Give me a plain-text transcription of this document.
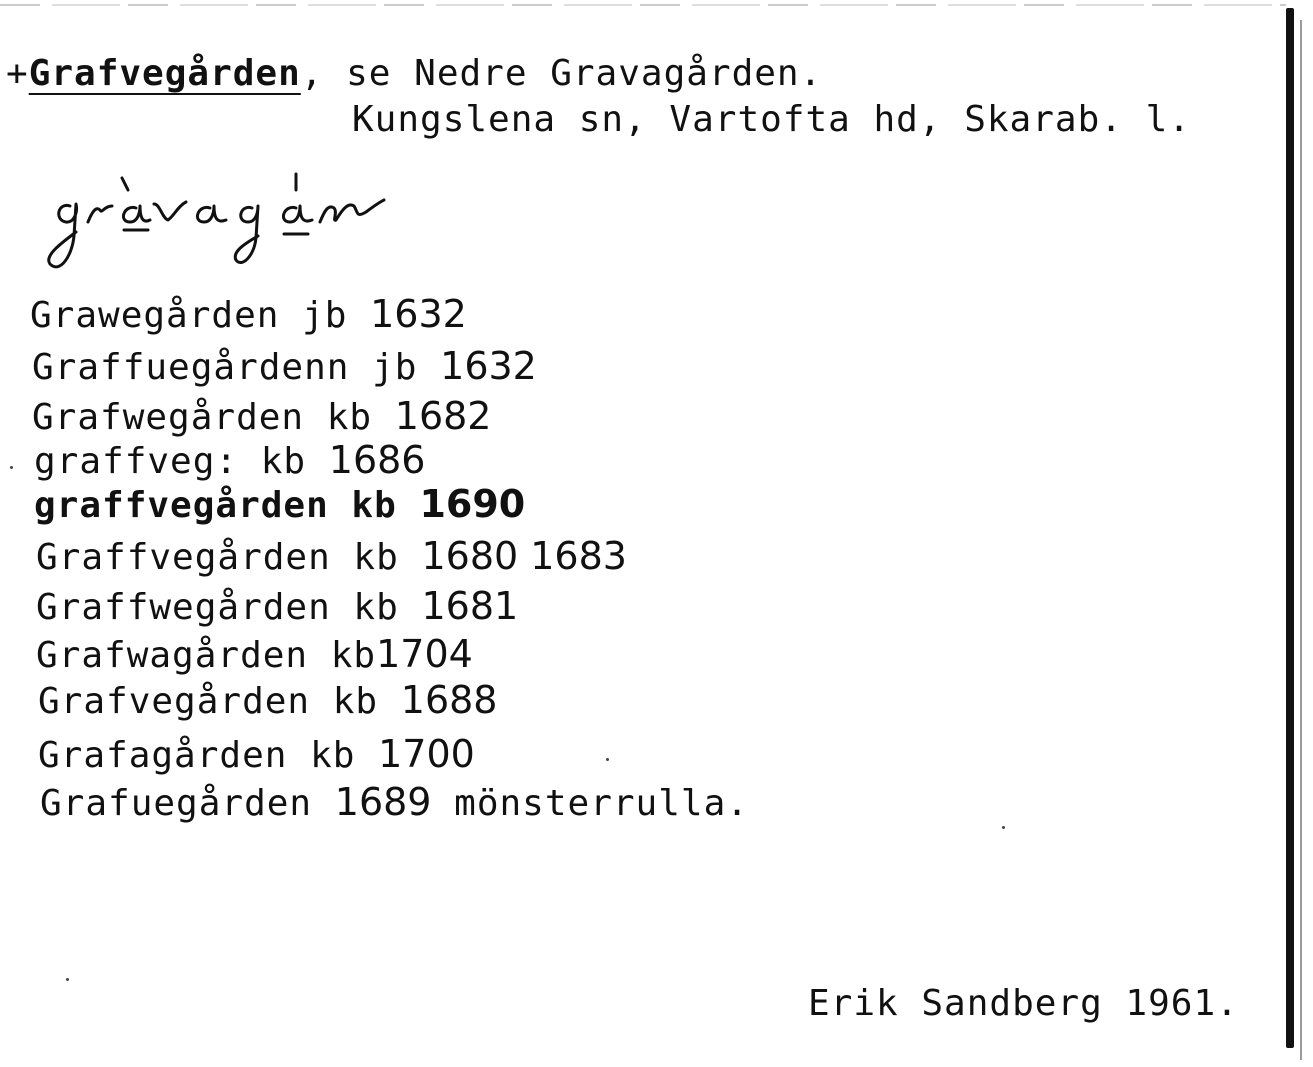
+Grafvegården, se Nedre Gravagården.
Kungslena sn, Vartofta hd, Skarab. l.
Grawegården jb 1632
Graffuegårdenn jb 1632
Grafwegården kb 1682
graffveg: kb 1686
graffvegården kb 1690
Graffvegården kb 1680 1683
Graffwegården kb 1681
Grafwagården kb1704
Grafvegården kb 1688
Grafagården kb 1700
Grafuegården 1689 mönsterrulla.
Erik Sandberg 1961.
